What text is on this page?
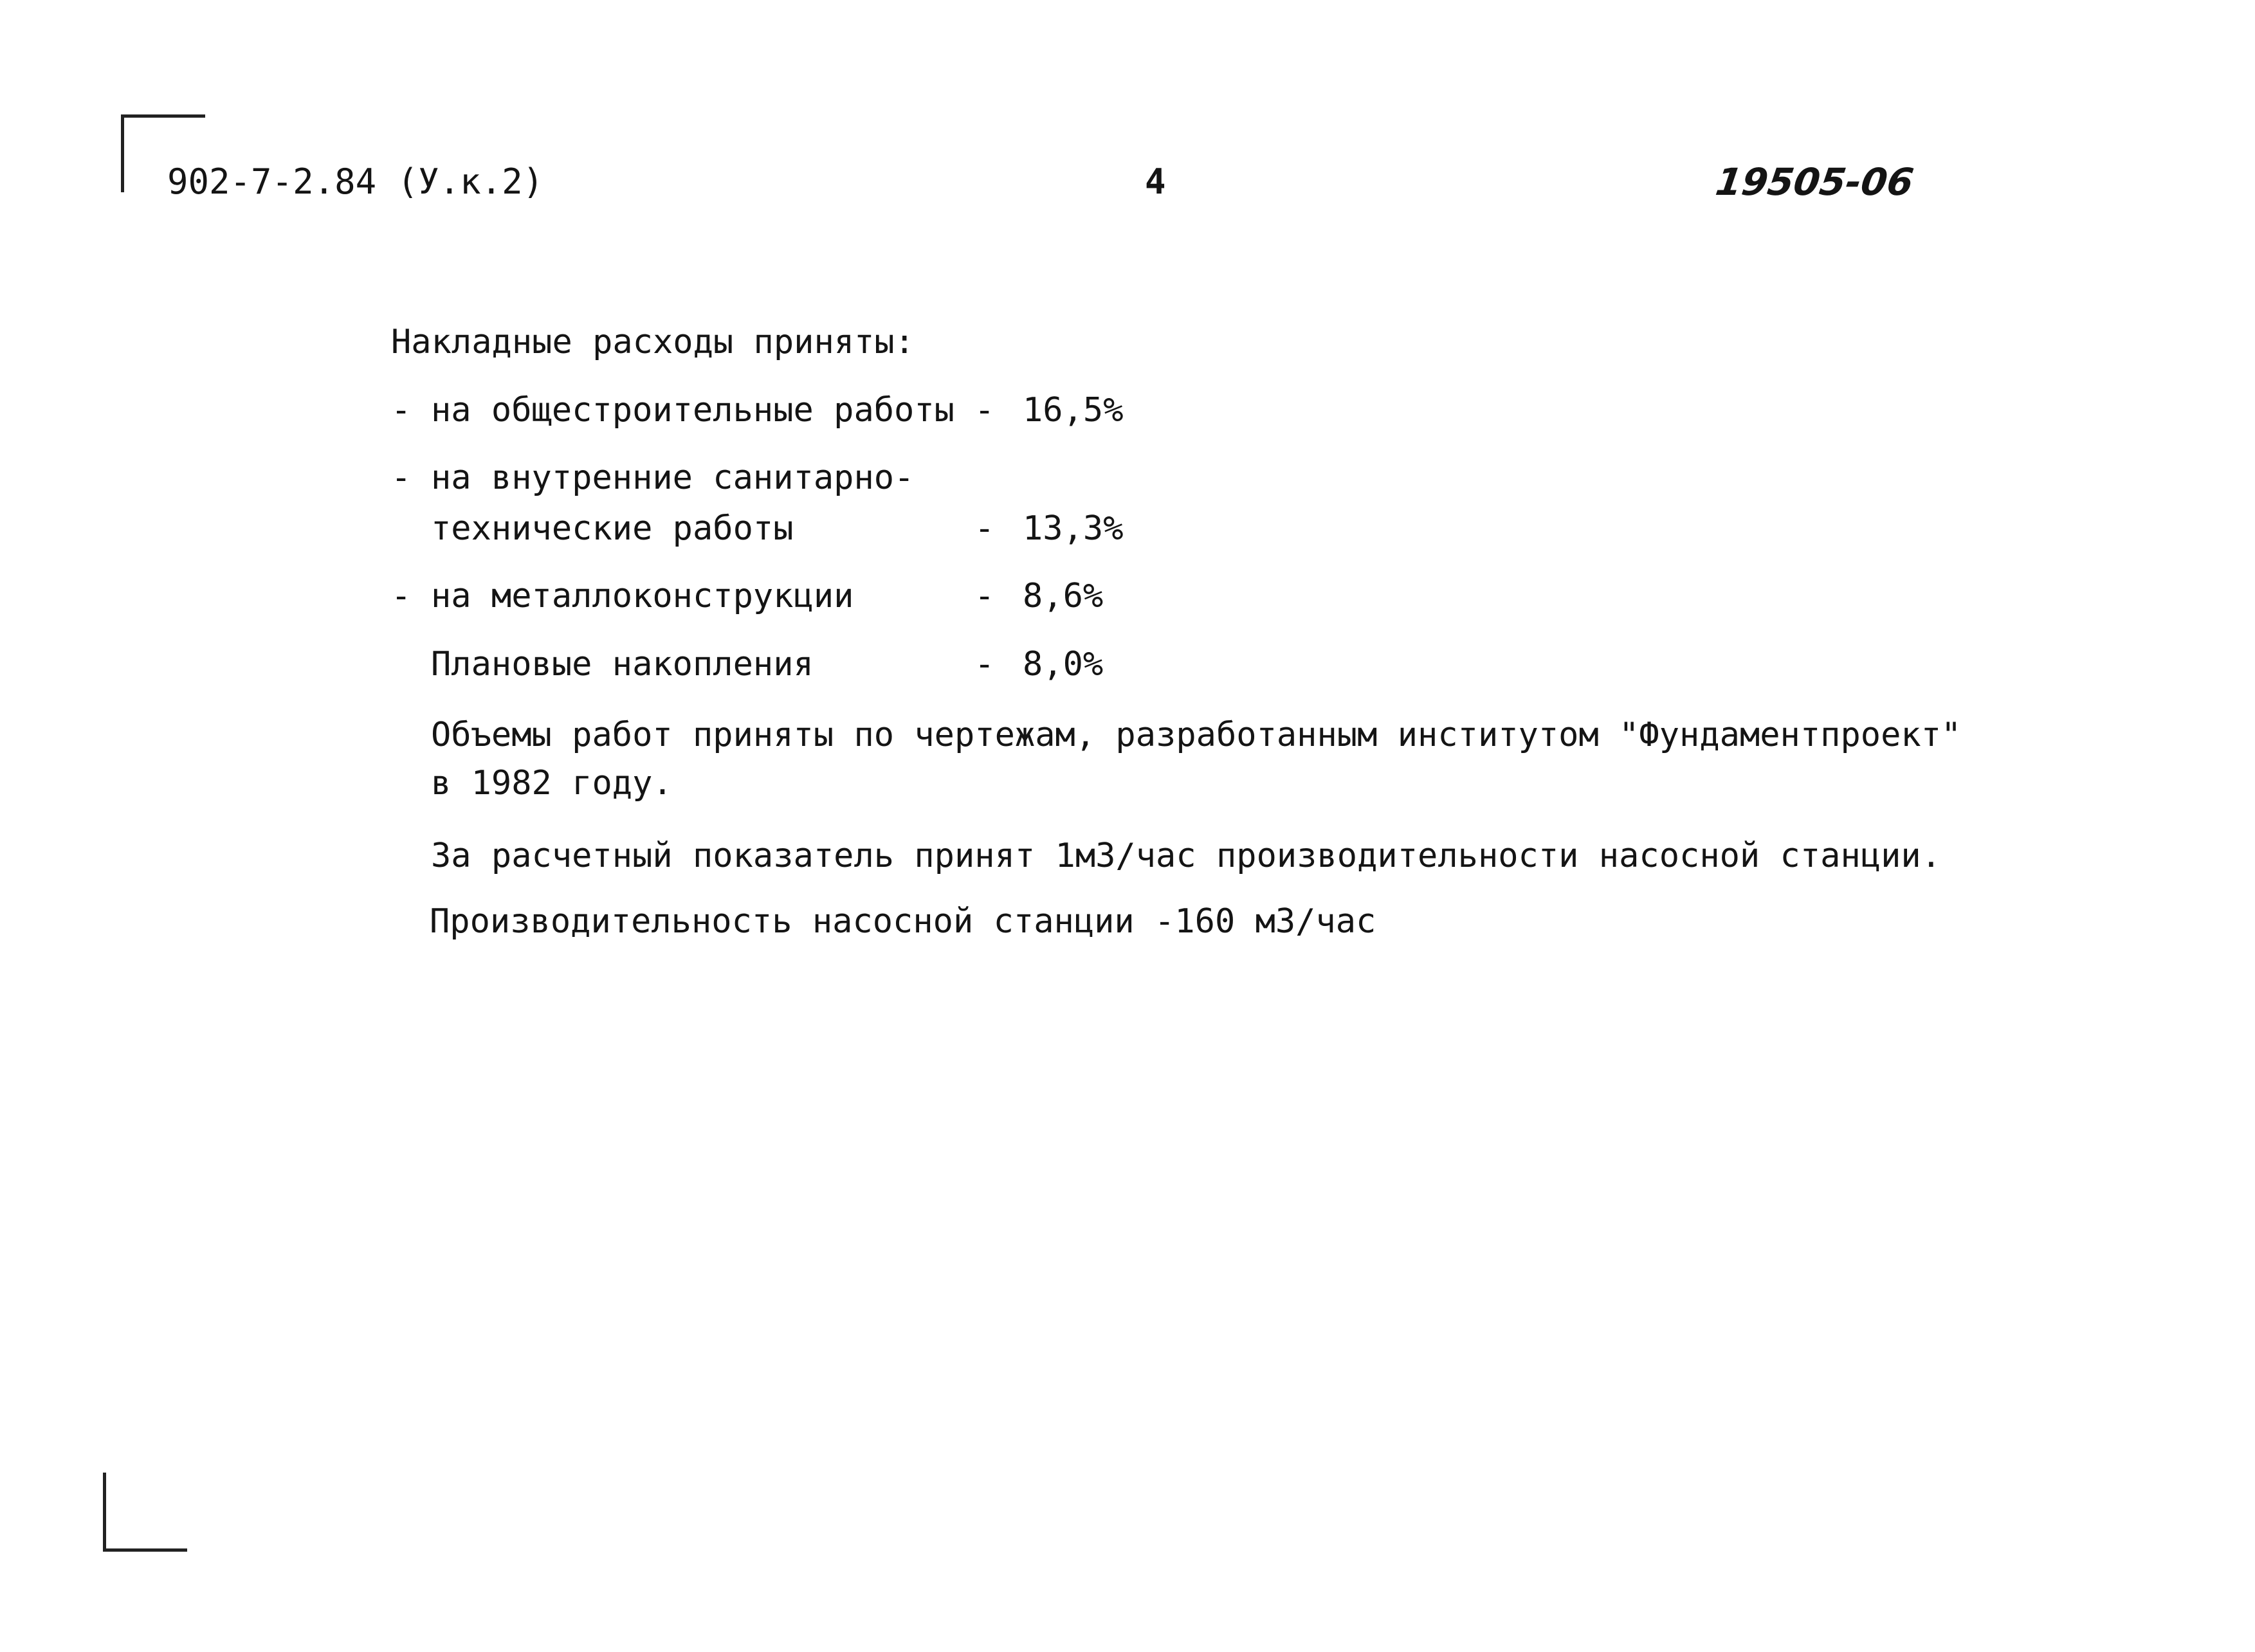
902-7-2.84 (У.к.2)	4	19505-06
Накладные расходы приняты:
- на общестроительные работы - 16,5%
- на внутренние санитарно-
технические работы	- 13,3%
- на металлоконструкции	- 8,6%
Плановые накопления	- 8,0%
Объемы работ приняты по чертежам, разработанным институтом "Фундаментпроект"
в 1982 году.
За расчетный показатель принят 1м3/час производительности насосной станции.
Производительность насосной станции -160 м3/час
